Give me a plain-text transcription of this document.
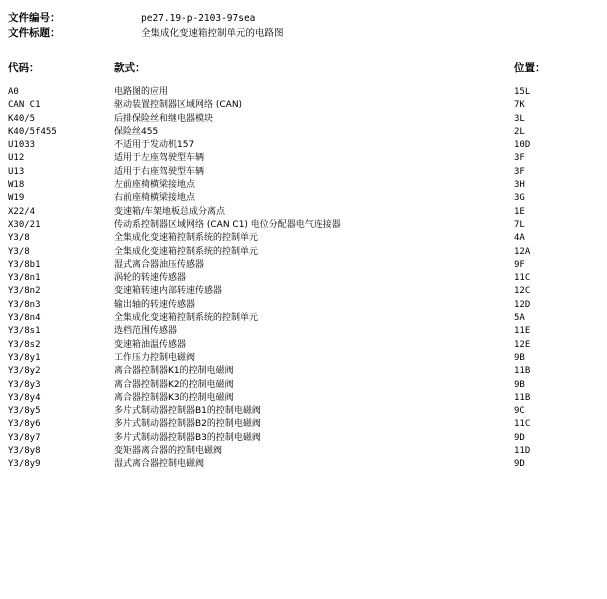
文件编号：	pe27.19-p-2103-97sea
文件标题：	全集成化变速箱控制单元的电路图
代码：	款式：	位置：
A0	电路图的应用	15L
CAN C1	驱动装置控制器区域网络 (CAN)	7K
K40/5	后排保险丝和继电器模块	3L
K40/5f455	保险丝455	2L
U1033	不适用于发动机157	10D
U12	适用于左座驾驶型车辆	3F
U13	适用于右座驾驶型车辆	3F
W18	左前座椅横梁接地点	3H
W19	右前座椅横梁接地点	3G
X22/4	变速箱/车架地板总成分离点	1E
X30/21	传动系控制器区域网络 (CAN C1) 电位分配器电气连接器	7L
Y3/8	全集成化变速箱控制系统的控制单元	4A
Y3/8	全集成化变速箱控制系统的控制单元	12A
Y3/8b1	湿式离合器油压传感器	9F
Y3/8n1	涡轮的转速传感器	11C
Y3/8n2	变速箱转速内部转速传感器	12C
Y3/8n3	输出轴的转速传感器	12D
Y3/8n4	全集成化变速箱控制系统的控制单元	5A
Y3/8s1	选档范围传感器	11E
Y3/8s2	变速箱油温传感器	12E
Y3/8y1	工作压力控制电磁阀	9B
Y3/8y2	离合器控制器K1的控制电磁阀	11B
Y3/8y3	离合器控制器K2的控制电磁阀	9B
Y3/8y4	离合器控制器K3的控制电磁阀	11B
Y3/8y5	多片式制动器控制器B1的控制电磁阀	9C
Y3/8y6	多片式制动器控制器B2的控制电磁阀	11C
Y3/8y7	多片式制动器控制器B3的控制电磁阀	9D
Y3/8y8	变矩器离合器的控制电磁阀	11D
Y3/8y9	湿式离合器控制电磁阀	9D
